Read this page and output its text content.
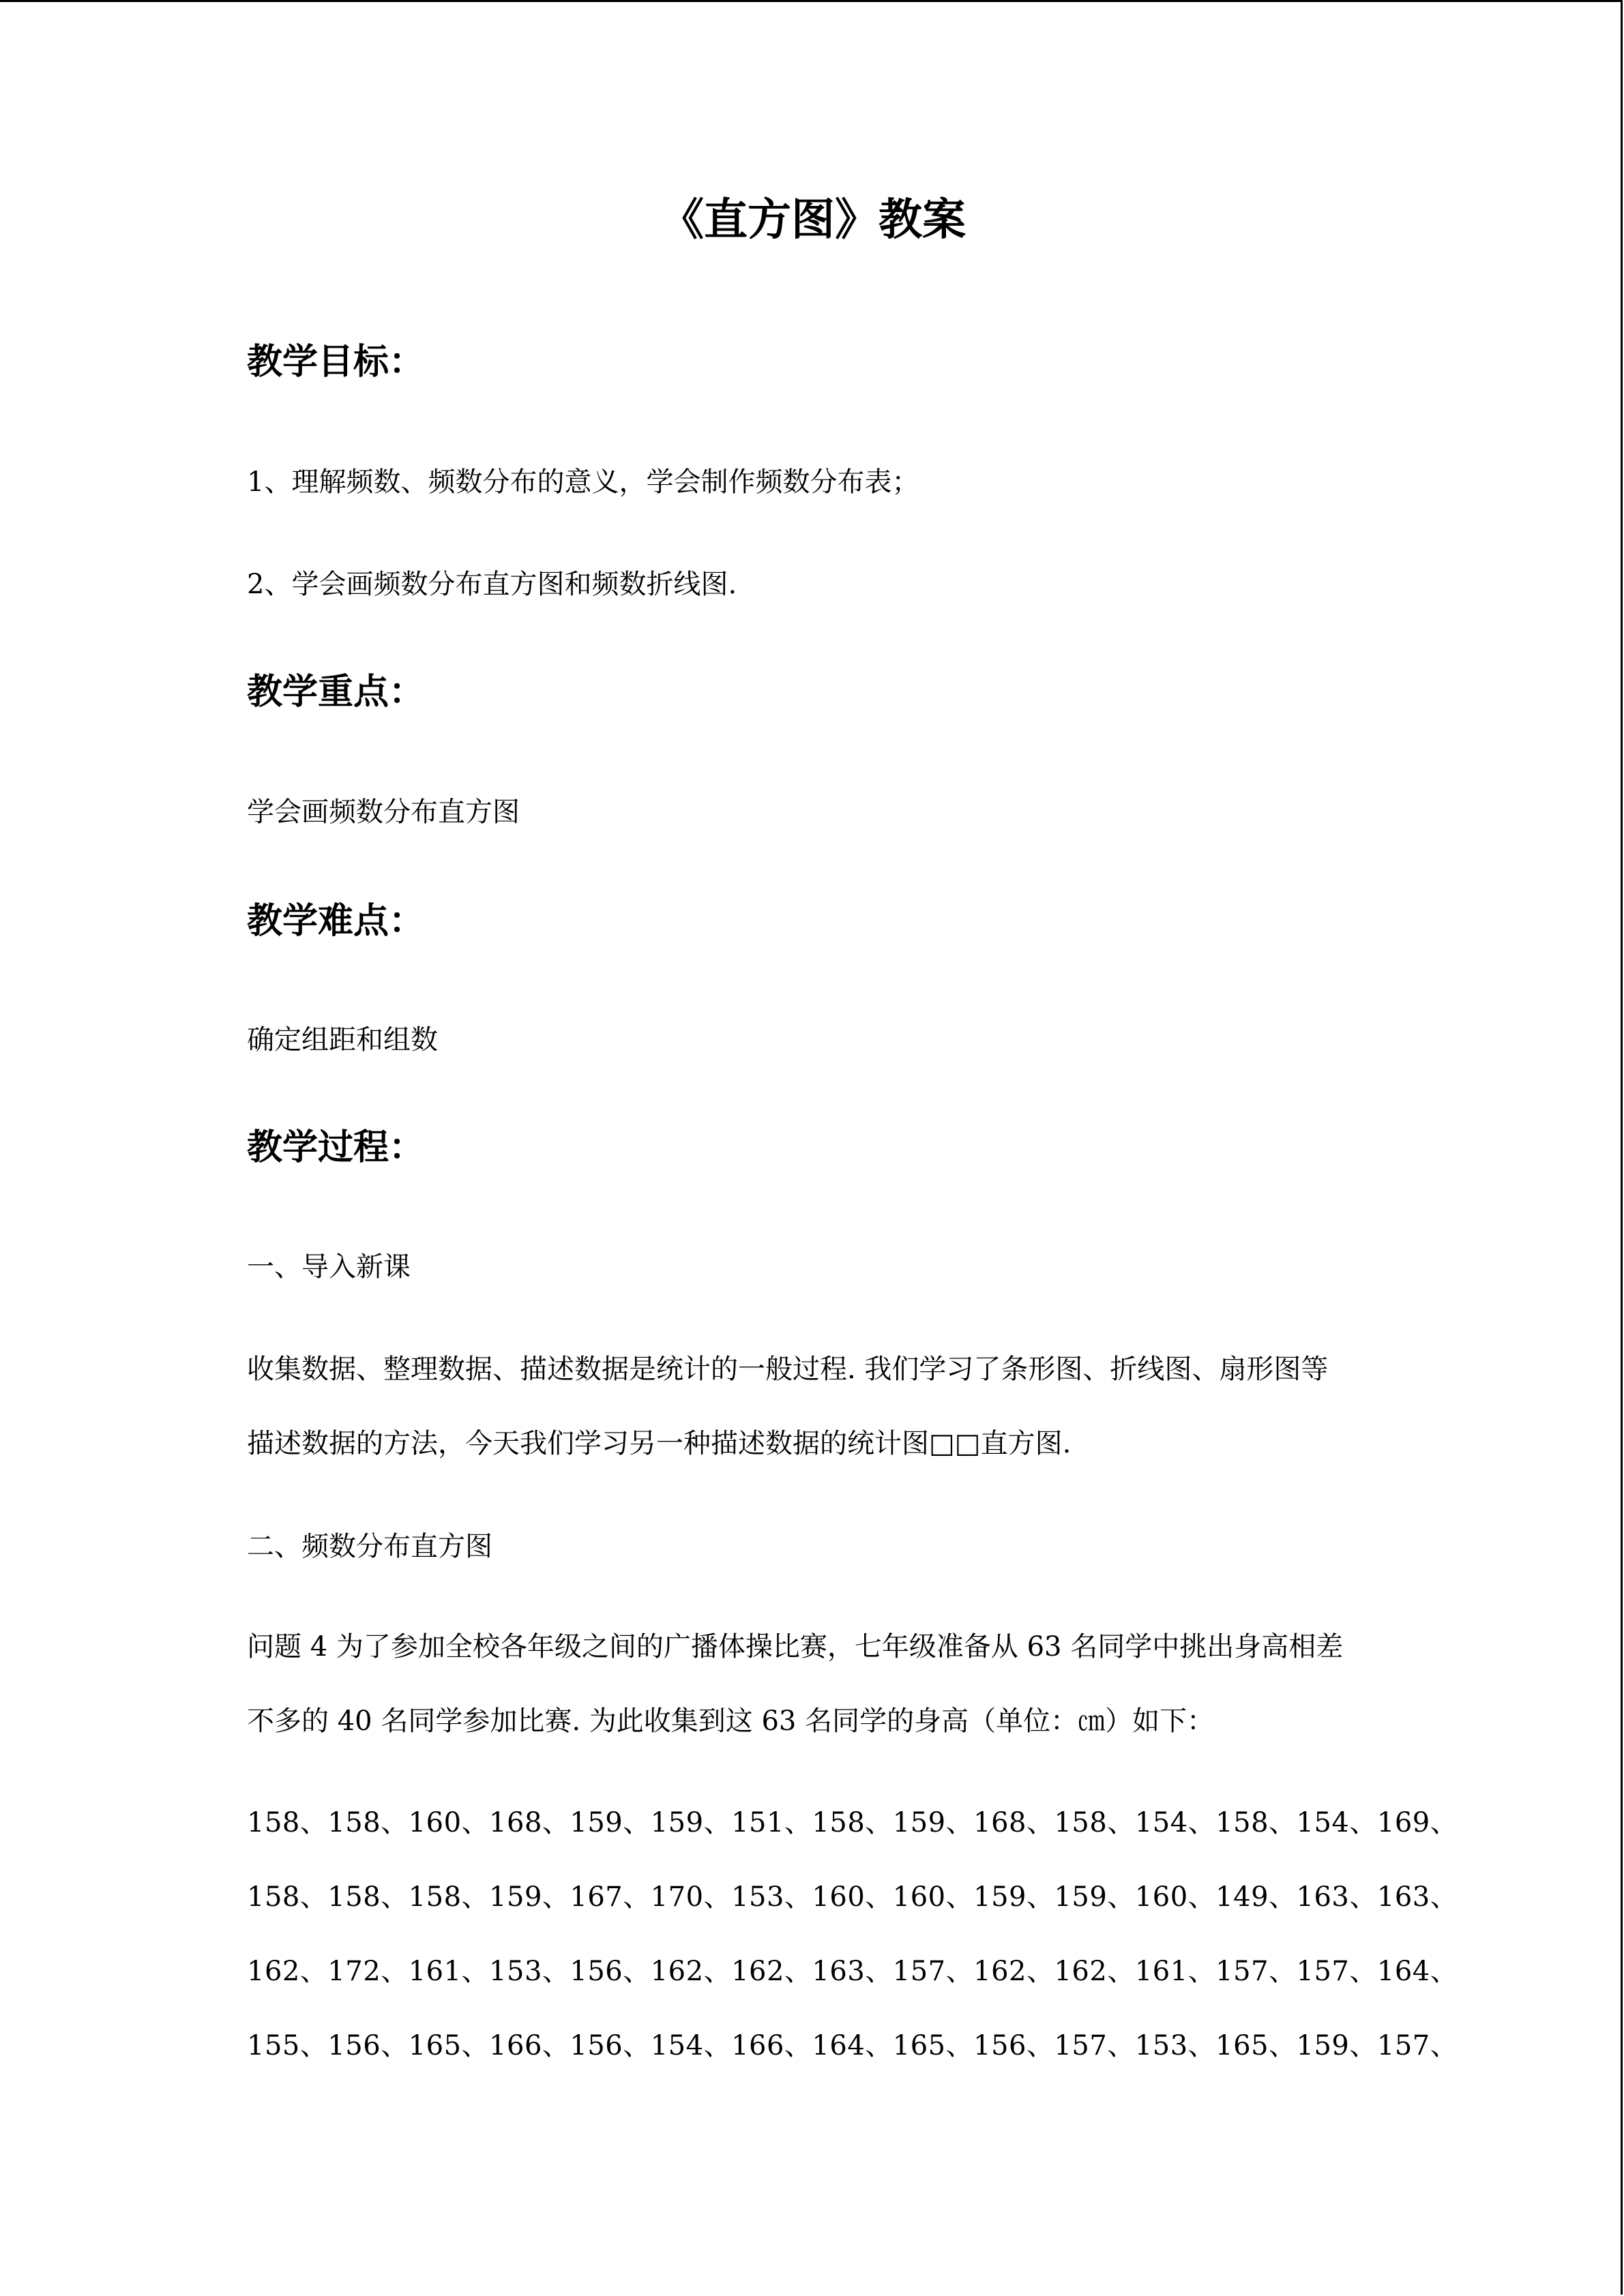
《直方图》教案
教学目标：

1、理解频数、频数分布的意义，学会制作频数分布表；

2、学会画频数分布直方图和频数折线图.

教学重点：

学会画频数分布直方图

教学难点：

确定组距和组数

教学过程：

一、导入新课

收集数据、整理数据、描述数据是统计的一般过程. 我们学习了条形图、折线图、扇形图等

描述数据的方法，今天我们学习另一种描述数据的统计图□□直方图.

二、频数分布直方图

问题 4 为了参加全校各年级之间的广播体操比赛，七年级准备从 63 名同学中挑出身高相差

不多的 40 名同学参加比赛. 为此收集到这 63 名同学的身高（单位：㎝）如下：

158、158、160、168、159、159、151、158、159、168、158、154、158、154、169、

158、158、158、159、167、170、153、160、160、159、159、160、149、163、163、

162、172、161、153、156、162、162、163、157、162、162、161、157、157、164、

155、156、165、166、156、154、166、164、165、156、157、153、165、159、157、
